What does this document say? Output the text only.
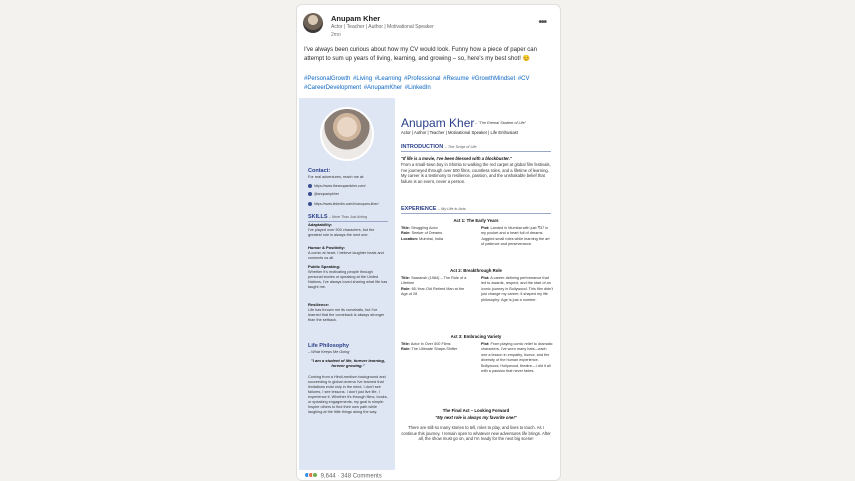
Anupam Kher
Actor | Teacher | Author | Motivational Speaker
2mo
•••
I've always been curious about how my CV would look. Funny how a piece of paper can attempt to sum up years of living, learning, and growing – so, here's my best shot! 😊
#PersonalGrowth #Living #Learning #Professional #Resume #GrowthMindset #CV #CareerDevelopment #AnupamKher #LinkedIn
Contact:
For real adventures, reach me at:
https://www.theanupamkher.com/
@anupampkher
https://www.linkedin.com/in/anupam-kher/
SKILLS – More Than Just Acting
Adaptability:
I've played over 500 characters, but the greatest role is always the next one.
Humor & Positivity:
A comic at heart, I believe laughter heals and connects us all.
Public Speaking:
Whether it's motivating people through personal stories or speaking at the United Nations, I've always loved sharing what life has taught me.
Resilience:
Life has thrown me its curveballs, but I've learned that the comeback is always stronger than the setback.
Life Philosophy
– What Keeps Me Going
"I am a student of life, forever learning, forever growing."
Coming from a Hindi-medium background and succeeding in global cinema I've learned that limitations exist only in the mind. I don't see failures, I see lessons. I don't just live life, I experience it. Whether it's through films, books, or speaking engagements, my goal is simple: Inspire others to find their own path while laughing at the little things along the way.
Anupam Kher – "The Eternal Student of Life"
Actor | Author | Teacher | Motivational Speaker | Life Enthusiast
INTRODUCTION – The Script of Life
"If life is a movie, I've been blessed with a blockbuster."
From a small-town boy in Shimla to walking the red carpet at global film festivals, I've journeyed through over 500 films, countless roles, and a lifetime of learning. My career is a testimony to resilience, passion, and the unshakable belief that failure is an event, never a person.
EXPERIENCE – My Life in Acts
Act 1: The Early Years
Title: Struggling Actor
Role: Seeker of Dreams
Location: Mumbai, India
Plot: Landed in Mumbai with just ₹37 in my pocket and a heart full of dreams. Juggled small roles while learning the art of patience and perseverance.
Act 2: Breakthrough Role
Title: Saaransh (1984) – The Role of a Lifetime
Role: 65-Year-Old Retired Man at the Age of 28
Plot: A career-defining performance that led to awards, respect, and the start of an iconic journey in Bollywood. This film didn't just change my career; it shaped my life philosophy: Age is just a number.
Act 3: Embracing Variety
Title: Actor in Over 500 Films
Role: The Ultimate Shape-Shifter
Plot: From playing comic relief to dramatic characters, I've worn many hats—each one a lesson in empathy, humor, and the diversity of the human experience. Bollywood, Hollywood, theatre—I did it all with a passion that never fades.
The Final Act – Looking Forward
"My next role is always my favorite one!"
There are still so many stories to tell, roles to play, and lives to touch. As I continue this journey, I remain open to whatever new adventures life brings. After all, the show must go on, and I'm ready for the next big scene!
9,644 · 348 Comments
